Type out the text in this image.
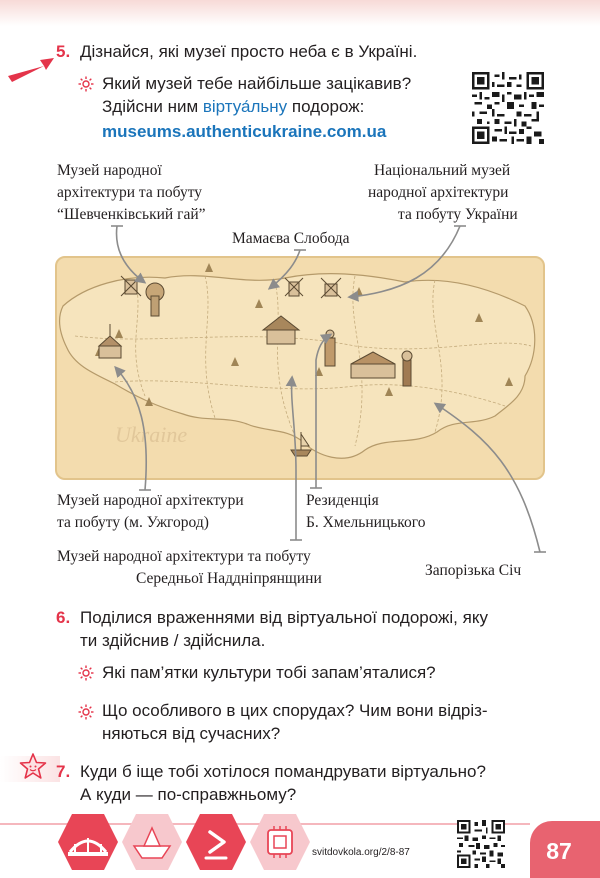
5. Дізнайся, які музеї просто неба є в Україні.
Який музей тебе найбільше зацікавив?
Здійсни ним віртуа́льну подорож:
museums.authenticukraine.com.ua
Музей народної
архітектури та побуту
“Шевченківський гай”
Національний музей
народної архітектури
та побуту України
Мамаєва Слобода
Ukraine
Музей народної архітектури
та побуту (м. Ужгород)
Резиденція
Б. Хмельницького
Музей народної архітектури та побуту
Середньої Наддніпрянщини	Запорізька Січ
6. Поділися враженнями від віртуальної подорожі, яку
ти здійснив / здійснила.
Які пам’ятки культури тобі запам’яталися?
Що особливого в цих спорудах? Чим вони відріз-
няються від сучасних?
7. Куди б іще тобі хотілося помандрувати віртуально?
А куди — по-справжньому?
svitdovkola.org/2/8-87	87
